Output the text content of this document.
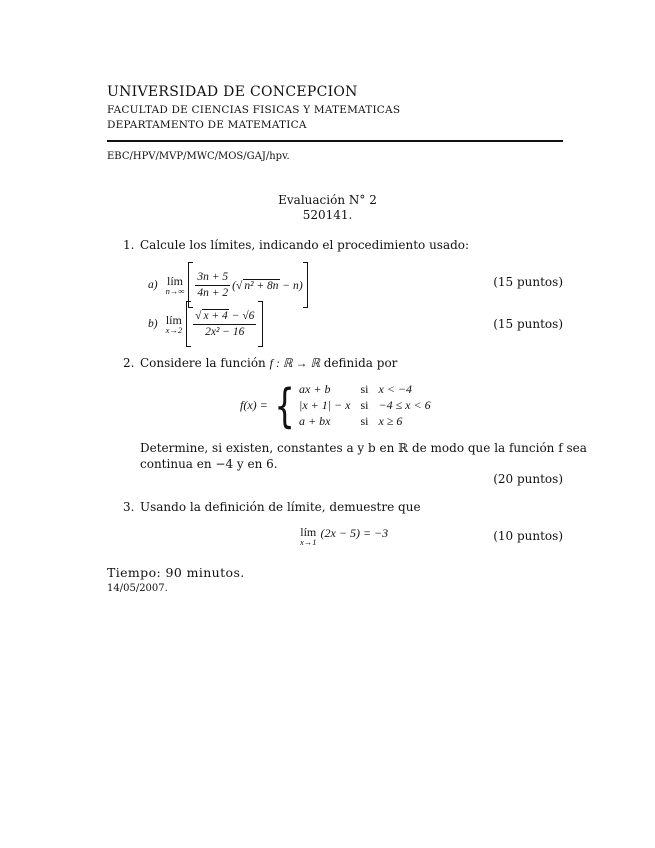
UNIVERSIDAD DE CONCEPCION
FACULTAD DE CIENCIAS FISICAS Y MATEMATICAS
DEPARTAMENTO DE MATEMATICA
EBC/HPV/MVP/MWC/MOS/GAJ/hpv.
Evaluación N° 2
520141.
1. Calcule los límites, indicando el procedimiento usado:
a) lím
$n\to\infty \frac{3n + 5}{4n + 2}$ (√ n² + 8n − n)	(15 puntos)
b) lím
$x\to 2 \frac{√ x + 4 - √6}{\text{2x² − 16}}$	(15 puntos)
2. Considere la función f : ℝ → ℝ definida por
f(x) = { ax + b	si x < −4
|x + 1| − x si −4 ≤ x < 6
a + bx	si x ≥ 6
Determine, si existen, constantes a y b en ℝ de modo que la función f sea
continua en −4 y en 6.
(20 puntos)
3. Usando la definición de límite, demuestre que
lím
x→1
(2x − 5) = −3	(10 puntos)
Tiempo: 90 minutos.
14/05/2007.
